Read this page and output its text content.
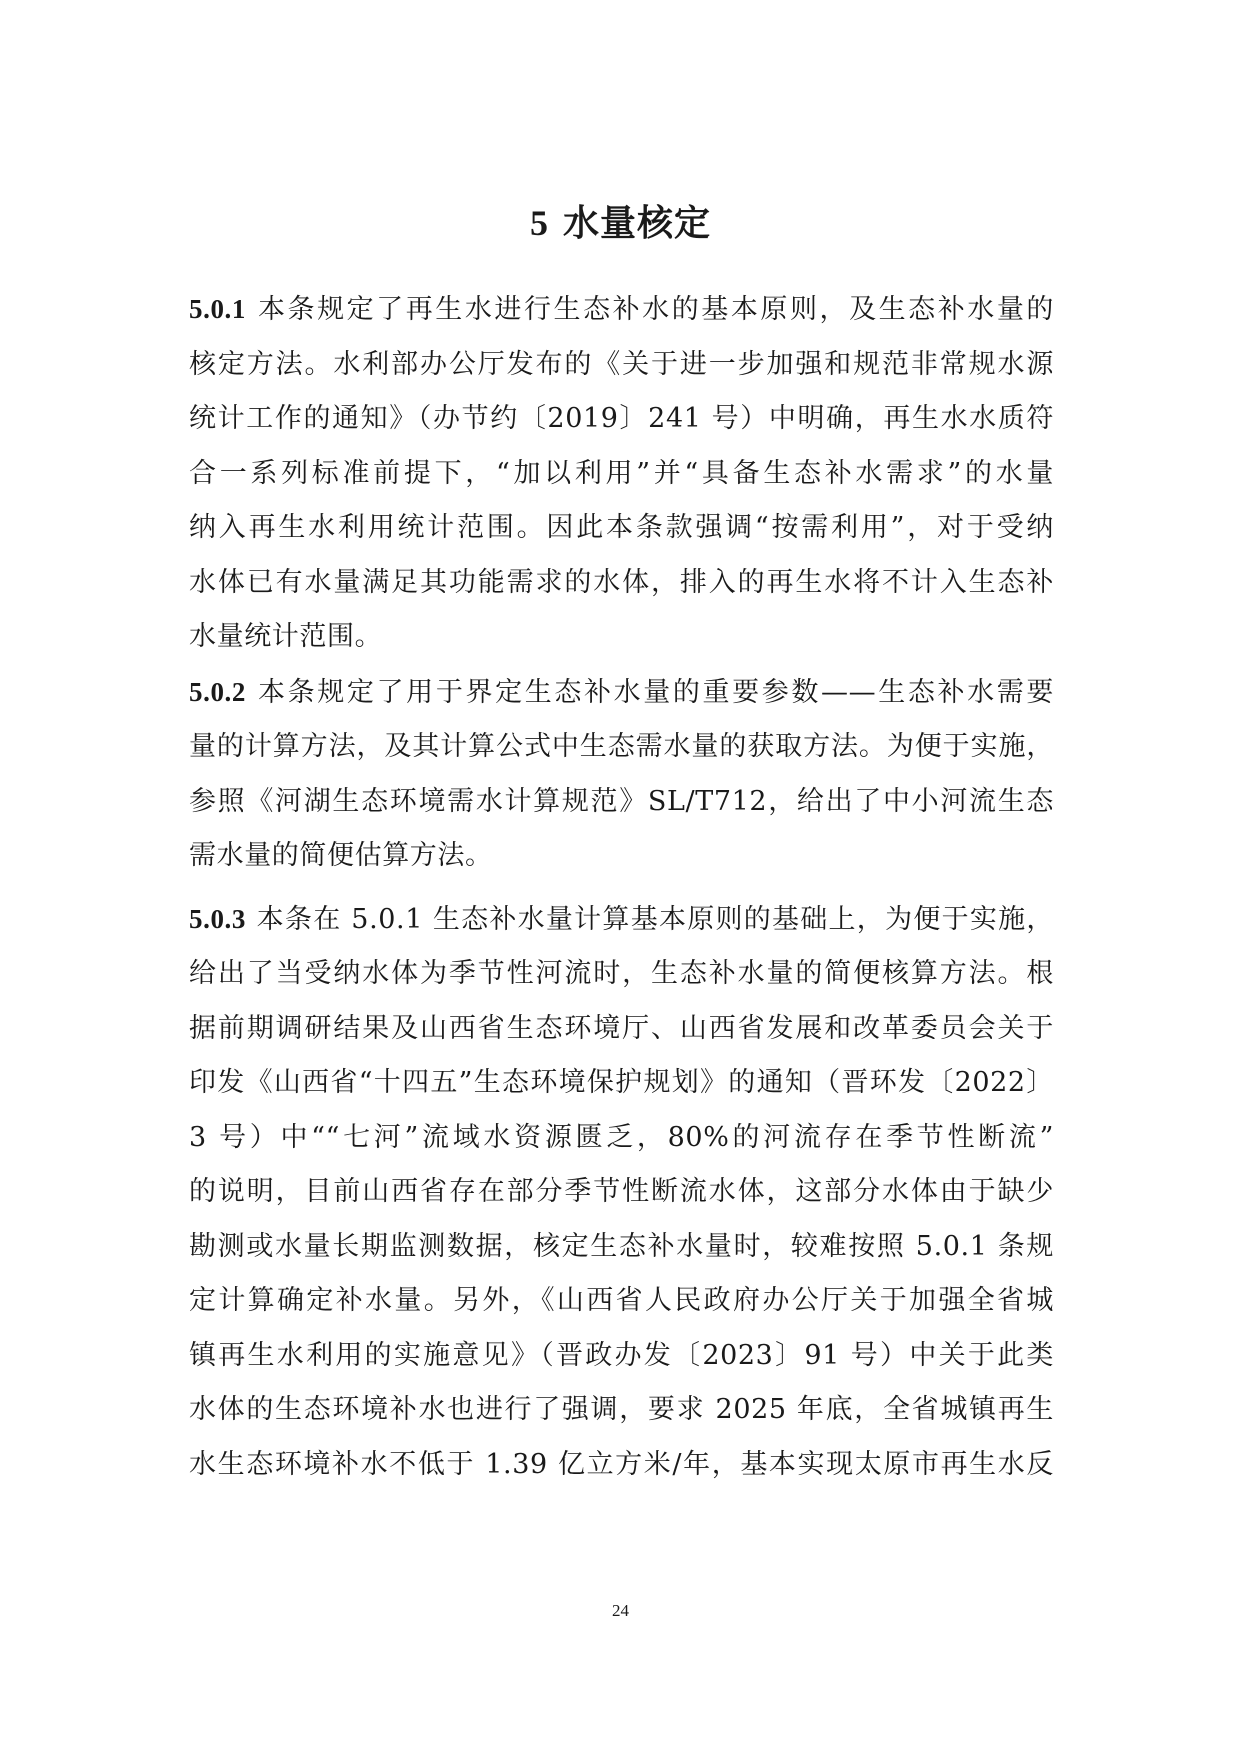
5 水量核定

5.0.1 本条规定了再生水进行生态补水的基本原则，及生态补水量的
核定方法。水利部办公厅发布的《关于进一步加强和规范非常规水源
统计工作的通知》（办节约〔2019〕241 号）中明确，再生水水质符
合一系列标准前提下，“加以利用”并“具备生态补水需求”的水量
纳入再生水利用统计范围。因此本条款强调“按需利用”，对于受纳
水体已有水量满足其功能需求的水体，排入的再生水将不计入生态补
水量统计范围。

5.0.2 本条规定了用于界定生态补水量的重要参数——生态补水需要
量的计算方法，及其计算公式中生态需水量的获取方法。为便于实施，
参照《河湖生态环境需水计算规范》SL/T712，给出了中小河流生态
需水量的简便估算方法。

5.0.3 本条在 5.0.1 生态补水量计算基本原则的基础上，为便于实施，
给出了当受纳水体为季节性河流时，生态补水量的简便核算方法。根
据前期调研结果及山西省生态环境厅、山西省发展和改革委员会关于
印发《山西省“十四五”生态环境保护规划》的通知（晋环发〔2022〕
3 号）中““七河”流域水资源匮乏，80%的河流存在季节性断流”
的说明，目前山西省存在部分季节性断流水体，这部分水体由于缺少
勘测或水量长期监测数据，核定生态补水量时，较难按照 5.0.1 条规
定计算确定补水量。另外，《山西省人民政府办公厅关于加强全省城
镇再生水利用的实施意见》（晋政办发〔2023〕91 号）中关于此类
水体的生态环境补水也进行了强调，要求 2025 年底，全省城镇再生
水生态环境补水不低于 1.39 亿立方米/年，基本实现太原市再生水反

24
